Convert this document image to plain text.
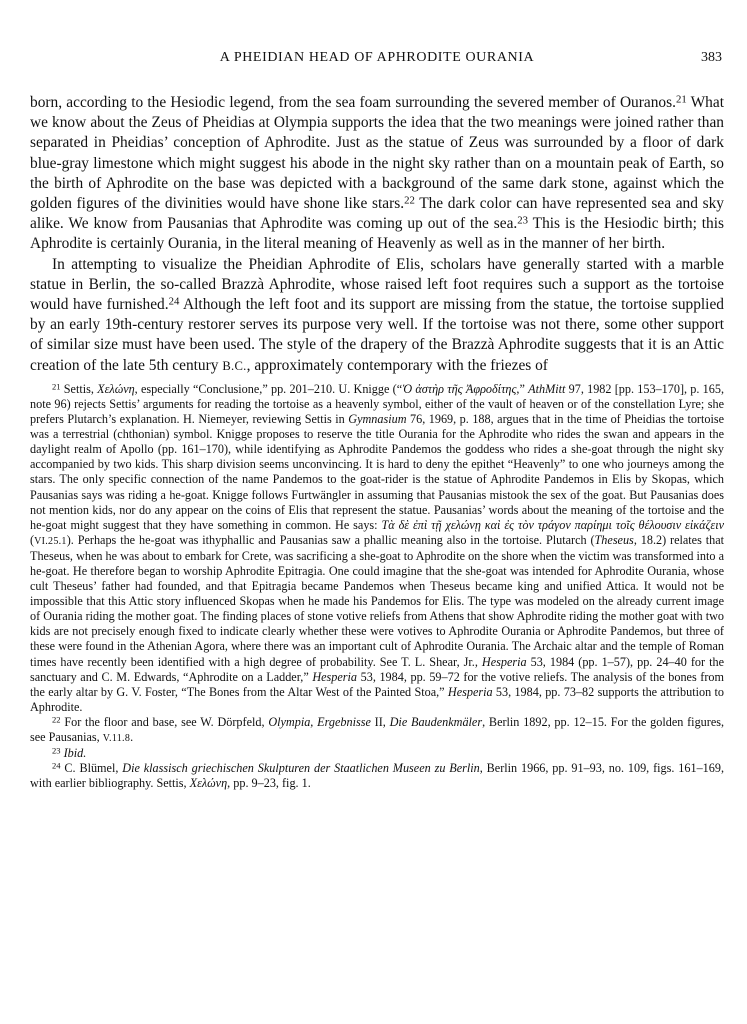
A PHEIDIAN HEAD OF APHRODITE OURANIA	383

born, according to the Hesiodic legend, from the sea foam surrounding the severed member of Ouranos.$^{21}$ What we know about the Zeus of Pheidias at Olympia supports the idea that the two meanings were joined rather than separated in Pheidias’ conception of Aphrodite. Just as the statue of Zeus was surrounded by a floor of dark blue-gray limestone which might suggest his abode in the night sky rather than on a mountain peak of Earth, so the birth of Aphrodite on the base was depicted with a background of the same dark stone, against which the golden figures of the divinities would have shone like stars.$^{22}$ The dark color can have represented sea and sky alike. We know from Pausanias that Aphrodite was coming up out of the sea.$^{23}$ This is the Hesiodic birth; this Aphrodite is certainly Ourania, in the literal meaning of Heavenly as well as in the manner of her birth.

In attempting to visualize the Pheidian Aphrodite of Elis, scholars have generally started with a marble statue in Berlin, the so-called Brazzà Aphrodite, whose raised left foot requires such a support as the tortoise would have furnished.$^{24}$ Although the left foot and its support are missing from the statue, the tortoise supplied by an early 19th-century restorer serves its purpose very well. If the tortoise was not there, some other support of similar size must have been used. The style of the drapery of the Brazzà Aphrodite suggests that it is an Attic creation of the late 5th century B.C., approximately contemporary with the friezes of

$^{21}$ Settis, Χελώνη, especially “Conclusione,” pp. 201–210. U. Knigge (“Ὁ ἀστὴρ τῆς Ἀφροδίτης,” AthMitt 97, 1982 [pp. 153–170], p. 165, note 96) rejects Settis’ arguments for reading the tortoise as a heavenly symbol, either of the vault of heaven or of the constellation Lyre; she prefers Plutarch’s explanation. H. Niemeyer, reviewing Settis in Gymnasium 76, 1969, p. 188, argues that in the time of Pheidias the tortoise was a terrestrial (chthonian) symbol. Knigge proposes to reserve the title Ourania for the Aphrodite who rides the swan and appears in the daylight realm of Apollo (pp. 161–170), while identifying as Aphrodite Pandemos the goddess who rides a she-goat through the night sky accompanied by two kids. This sharp division seems unconvincing. It is hard to deny the epithet “Heavenly” to one who journeys among the stars. The only specific connection of the name Pandemos to the goat-rider is the statue of Aphrodite Pandemos in Elis by Skopas, which Pausanias says was riding a he-goat. Knigge follows Furtwängler in assuming that Pausanias mistook the sex of the goat. But Pausanias does not mention kids, nor do any appear on the coins of Elis that represent the statue. Pausanias’ words about the meaning of the tortoise and the he-goat might suggest that they have something in common. He says: Τὰ δὲ ἐπὶ τῇ χελώνῃ καὶ ἐς τὸν τράγον παρίημι τοῖς θέλουσιν εἰκάζειν (VI.25.1). Perhaps the he-goat was ithyphallic and Pausanias saw a phallic meaning also in the tortoise. Plutarch (Theseus, 18.2) relates that Theseus, when he was about to embark for Crete, was sacrificing a she-goat to Aphrodite on the shore when the victim was transformed into a he-goat. He therefore began to worship Aphrodite Epitragia. One could imagine that the she-goat was intended for Aphrodite Ourania, whose cult Theseus’ father had founded, and that Epitragia became Pandemos when Theseus became king and unified Attica. It would not be impossible that this Attic story influenced Skopas when he made his Pandemos for Elis. The type was modeled on the already current image of Ourania riding the mother goat. The finding places of stone votive reliefs from Athens that show Aphrodite riding the mother goat with two kids are not precisely enough fixed to indicate clearly whether these were votives to Aphrodite Ourania or Aphrodite Pandemos, but three of these were found in the Athenian Agora, where there was an important cult of Aphrodite Ourania. The Archaic altar and the temple of Roman times have recently been identified with a high degree of probability. See T. L. Shear, Jr., Hesperia 53, 1984 (pp. 1–57), pp. 24–40 for the sanctuary and C. M. Edwards, “Aphrodite on a Ladder,” Hesperia 53, 1984, pp. 59–72 for the votive reliefs. The analysis of the bones from the early altar by G. V. Foster, “The Bones from the Altar West of the Painted Stoa,” Hesperia 53, 1984, pp. 73–82 supports the attribution to Aphrodite.

$^{22}$ For the floor and base, see W. Dörpfeld, Olympia, Ergebnisse II, Die Baudenkmäler, Berlin 1892, pp. 12–15. For the golden figures, see Pausanias, V.11.8.

$^{23}$ Ibid.

$^{24}$ C. Blümel, Die klassisch griechischen Skulpturen der Staatlichen Museen zu Berlin, Berlin 1966, pp. 91–93, no. 109, figs. 161–169, with earlier bibliography. Settis, Χελώνη, pp. 9–23, fig. 1.
